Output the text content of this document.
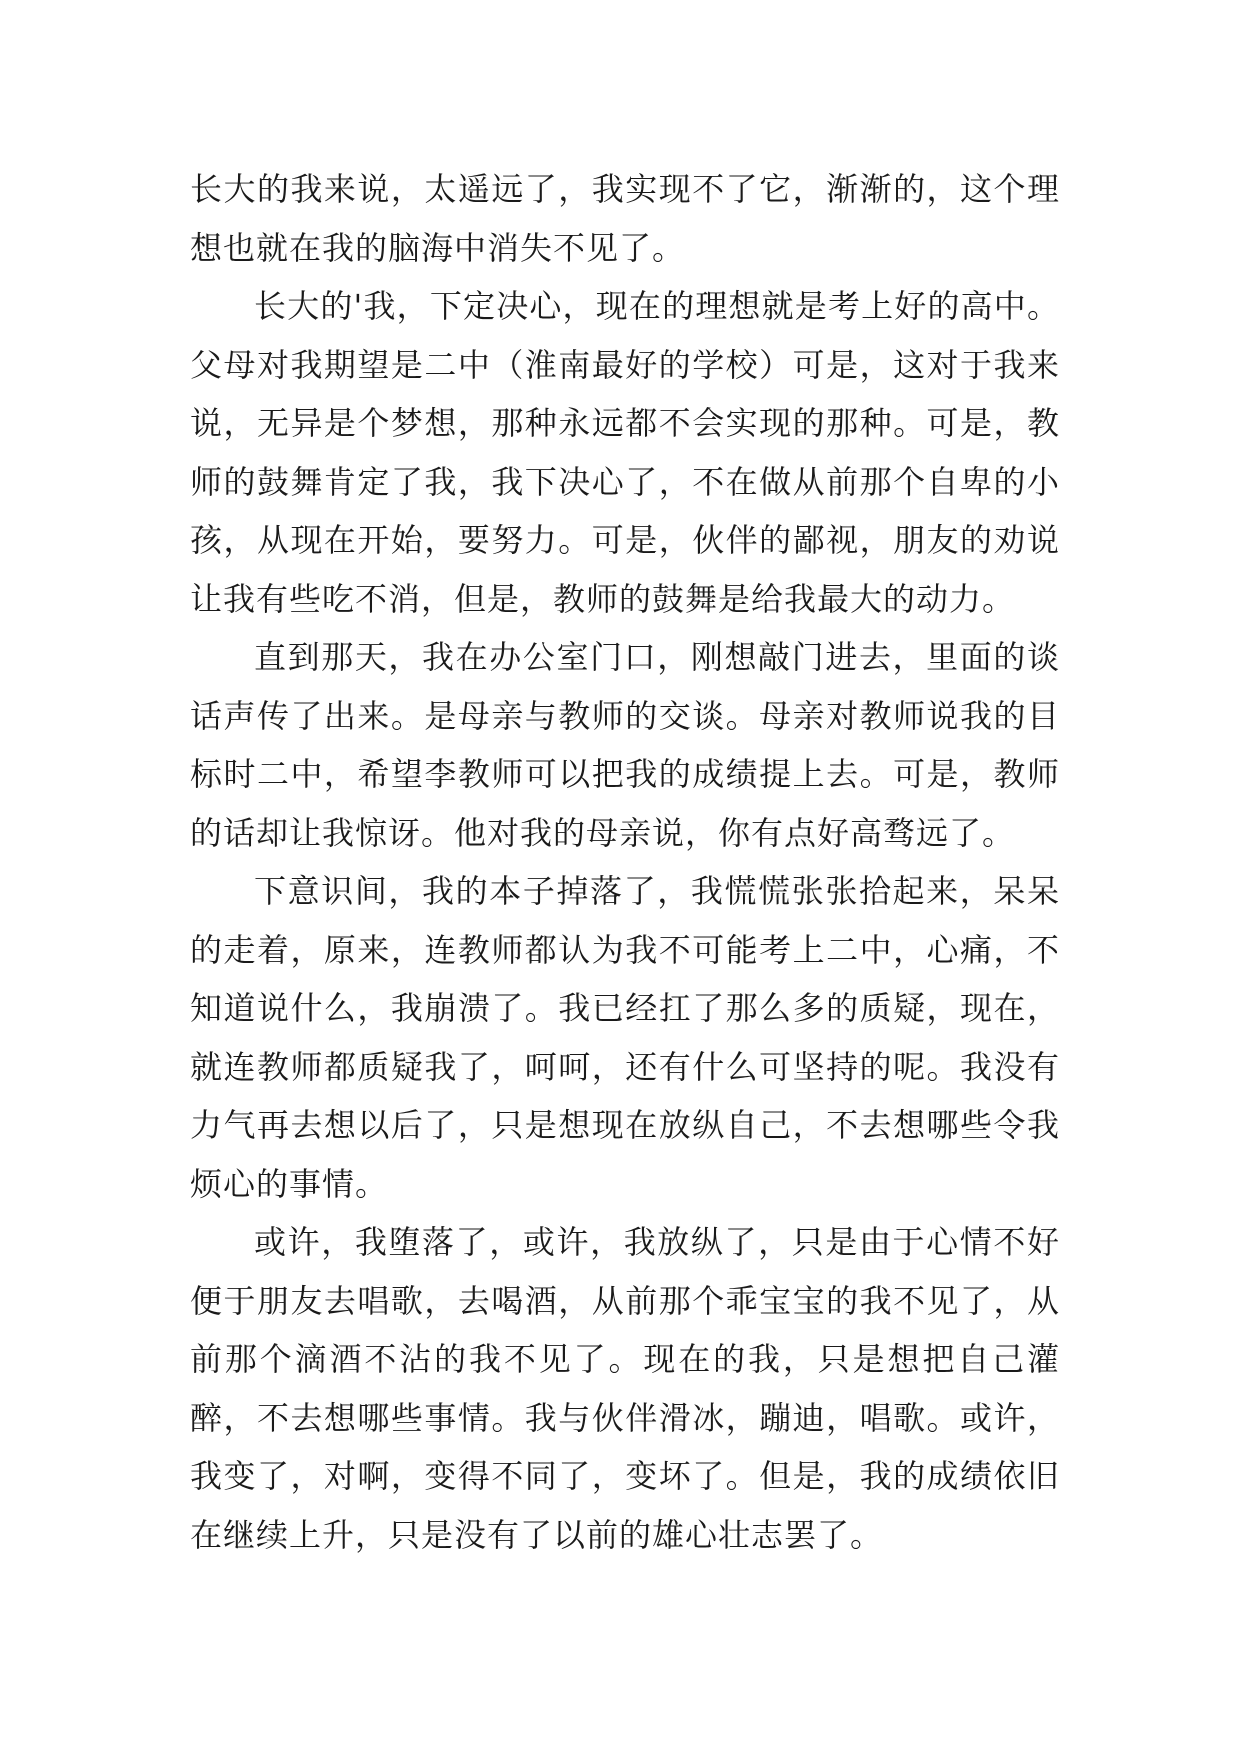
长大的我来说，太遥远了，我实现不了它，渐渐的，这个理想也就在我的脑海中消失不见了。

长大的'我，下定决心，现在的理想就是考上好的高中。父母对我期望是二中（淮南最好的学校）可是，这对于我来说，无异是个梦想，那种永远都不会实现的那种。可是，教师的鼓舞肯定了我，我下决心了，不在做从前那个自卑的小孩，从现在开始，要努力。可是，伙伴的鄙视，朋友的劝说让我有些吃不消，但是，教师的鼓舞是给我最大的动力。

直到那天，我在办公室门口，刚想敲门进去，里面的谈话声传了出来。是母亲与教师的交谈。母亲对教师说我的目标时二中，希望李教师可以把我的成绩提上去。可是，教师的话却让我惊讶。他对我的母亲说，你有点好高骛远了。

下意识间，我的本子掉落了，我慌慌张张拾起来，呆呆的走着，原来，连教师都认为我不可能考上二中，心痛，不知道说什么，我崩溃了。我已经扛了那么多的质疑，现在，就连教师都质疑我了，呵呵，还有什么可坚持的呢。我没有力气再去想以后了，只是想现在放纵自己，不去想哪些令我烦心的事情。

或许，我堕落了，或许，我放纵了，只是由于心情不好便于朋友去唱歌，去喝酒，从前那个乖宝宝的我不见了，从前那个滴酒不沾的我不见了。现在的我，只是想把自己灌醉，不去想哪些事情。我与伙伴滑冰，蹦迪，唱歌。或许，我变了，对啊，变得不同了，变坏了。但是，我的成绩依旧在继续上升，只是没有了以前的雄心壮志罢了。
